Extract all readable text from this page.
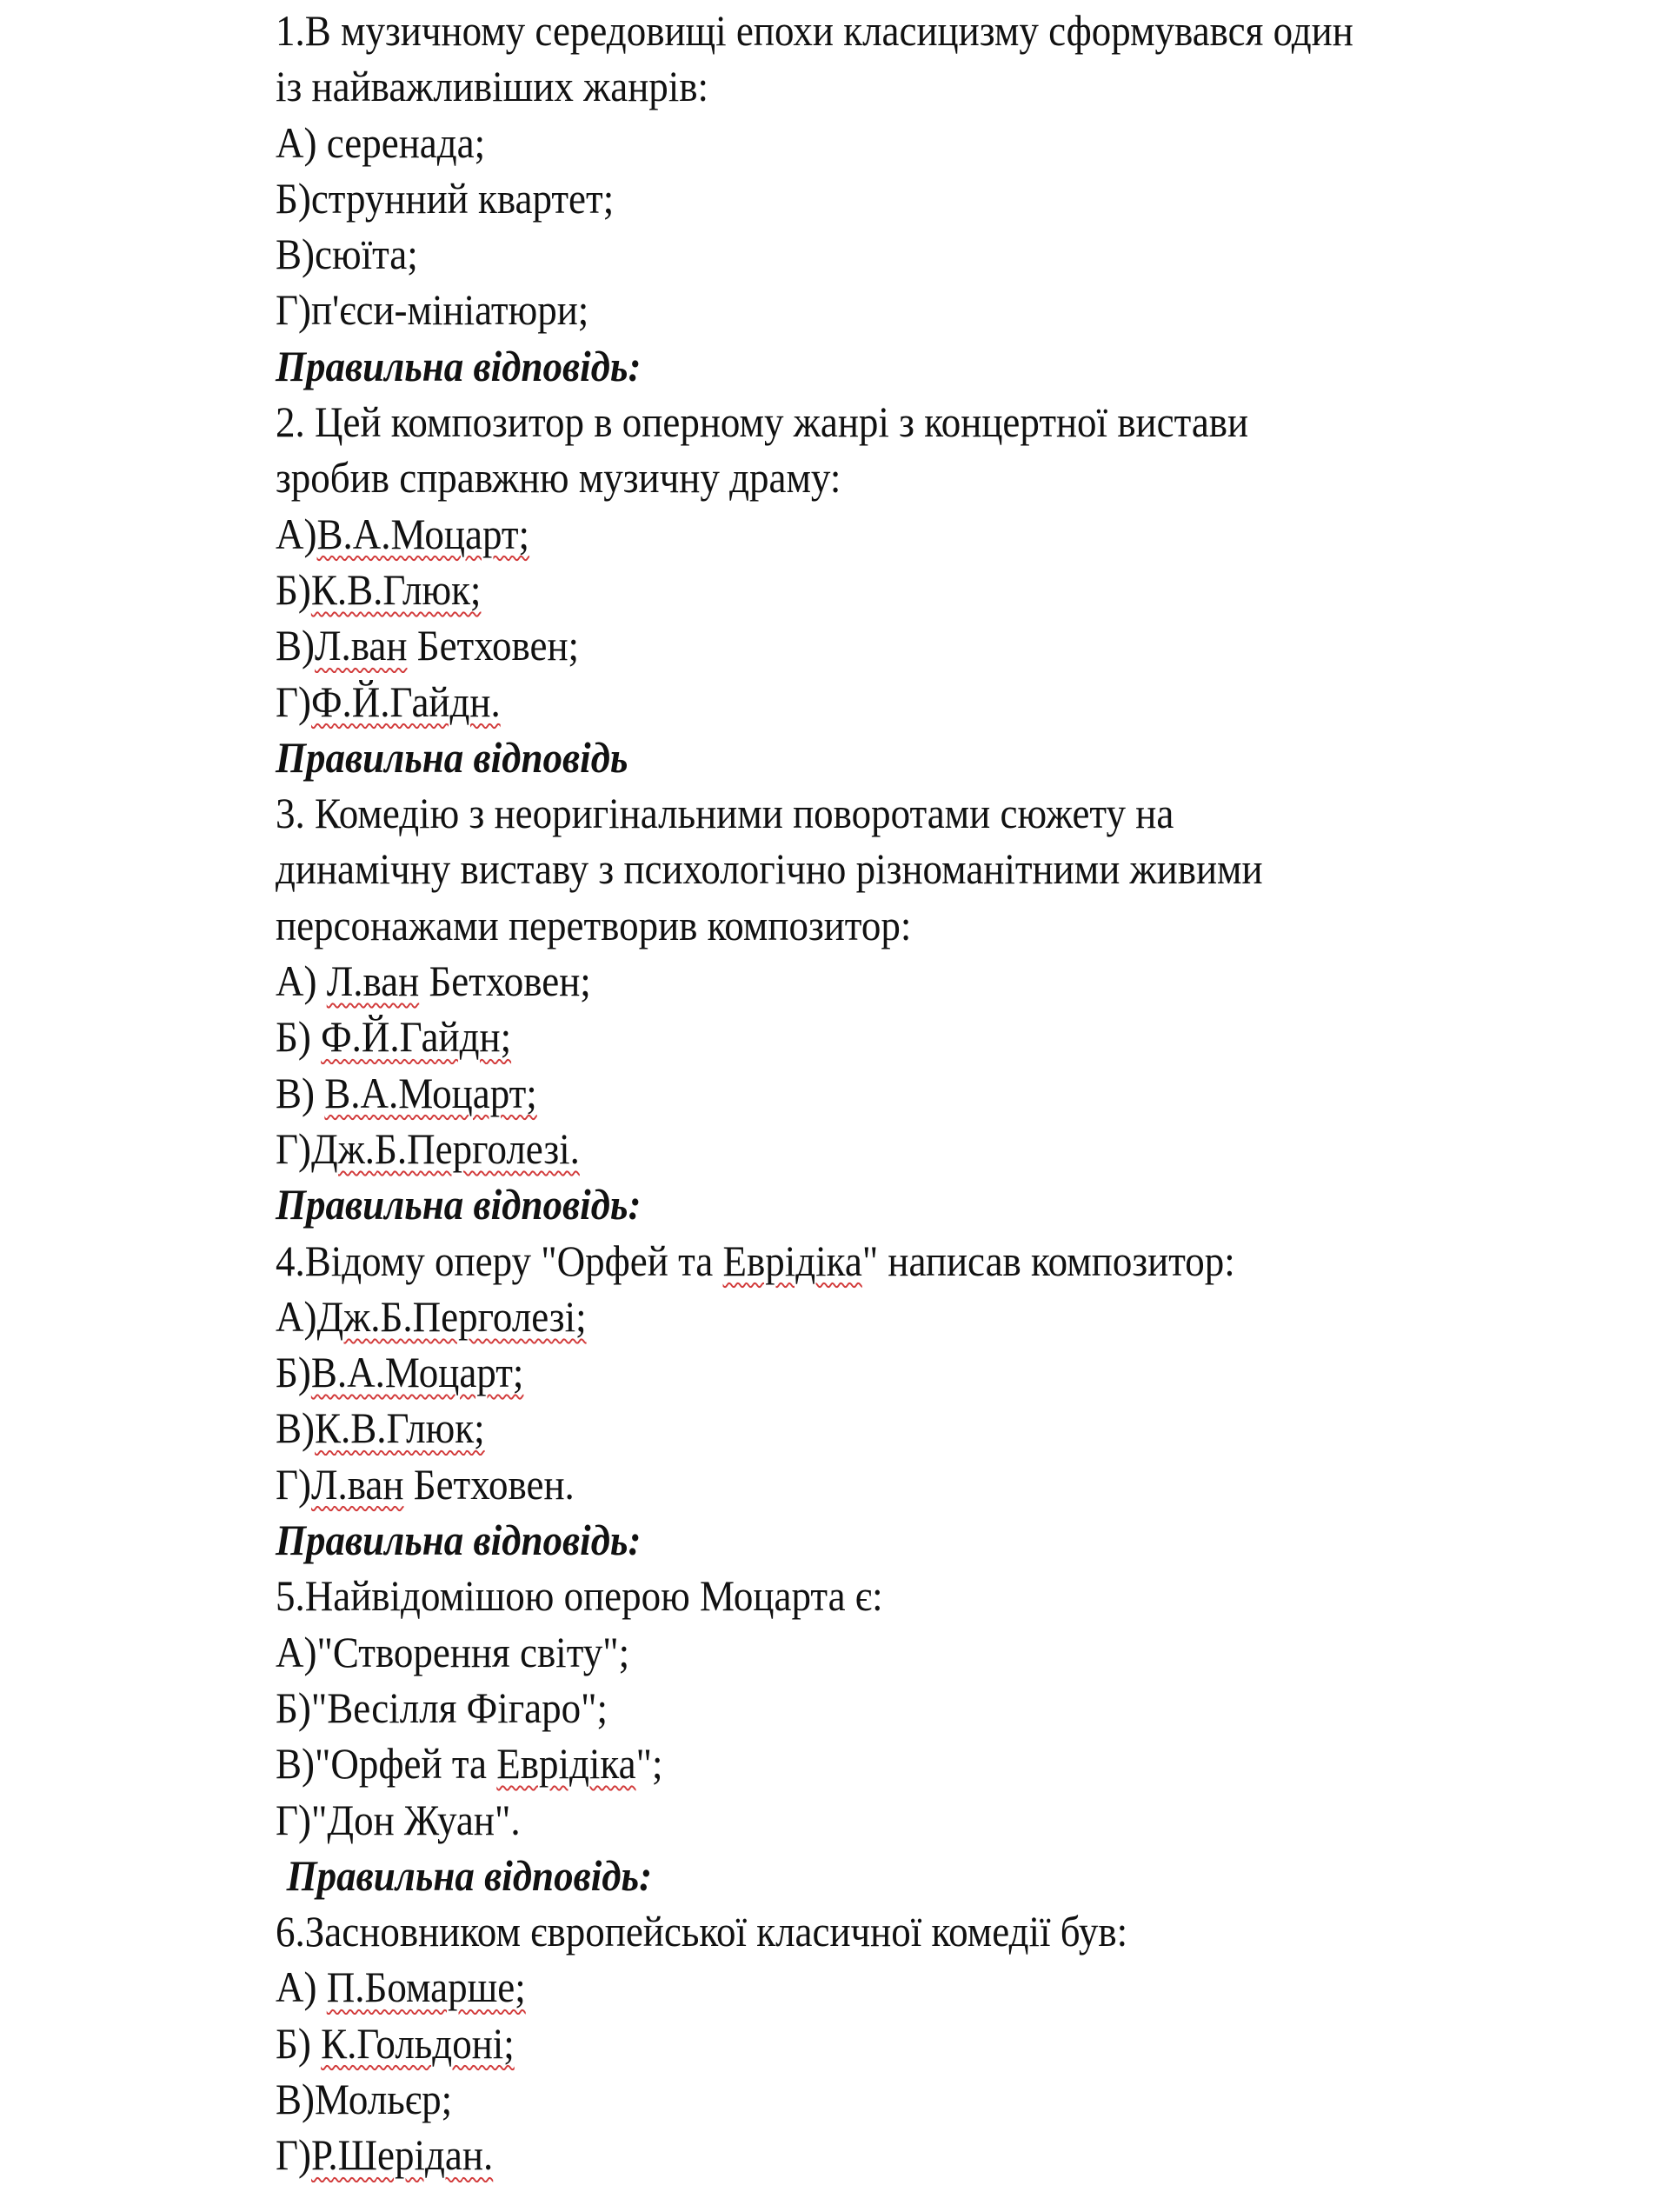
1.В музичному середовищі епохи класицизму сформувався один
із найважливіших жанрів:
А) серенада;
Б)струнний квартет;
В)сюїта;
Г)п'єси-мініатюри;
Правильна відповідь:
2. Цей композитор в оперному жанрі з концертної вистави
зробив справжню музичну драму:
А)В.А.Моцарт;
Б)К.В.Глюк;
В)Л.ван Бетховен;
Г)Ф.Й.Гайдн.
Правильна відповідь
3. Комедію з неоригінальними поворотами сюжету на
динамічну виставу з психологічно різноманітними живими
персонажами перетворив композитор:
А) Л.ван Бетховен;
Б) Ф.Й.Гайдн;
В) В.А.Моцарт;
Г)Дж.Б.Перголезі.
Правильна відповідь:
4.Відому оперу "Орфей та Еврідіка" написав композитор:
А)Дж.Б.Перголезі;
Б)В.А.Моцарт;
В)К.В.Глюк;
Г)Л.ван Бетховен.
Правильна відповідь:
5.Найвідомішою оперою Моцарта є:
А)"Створення світу";
Б)"Весілля Фігаро";
В)"Орфей та Еврідіка";
Г)"Дон Жуан".
Правильна відповідь:
6.Засновником європейської класичної комедії був:
А) П.Бомарше;
Б) К.Гольдоні;
В)Мольєр;
Г)Р.Шерідан.
